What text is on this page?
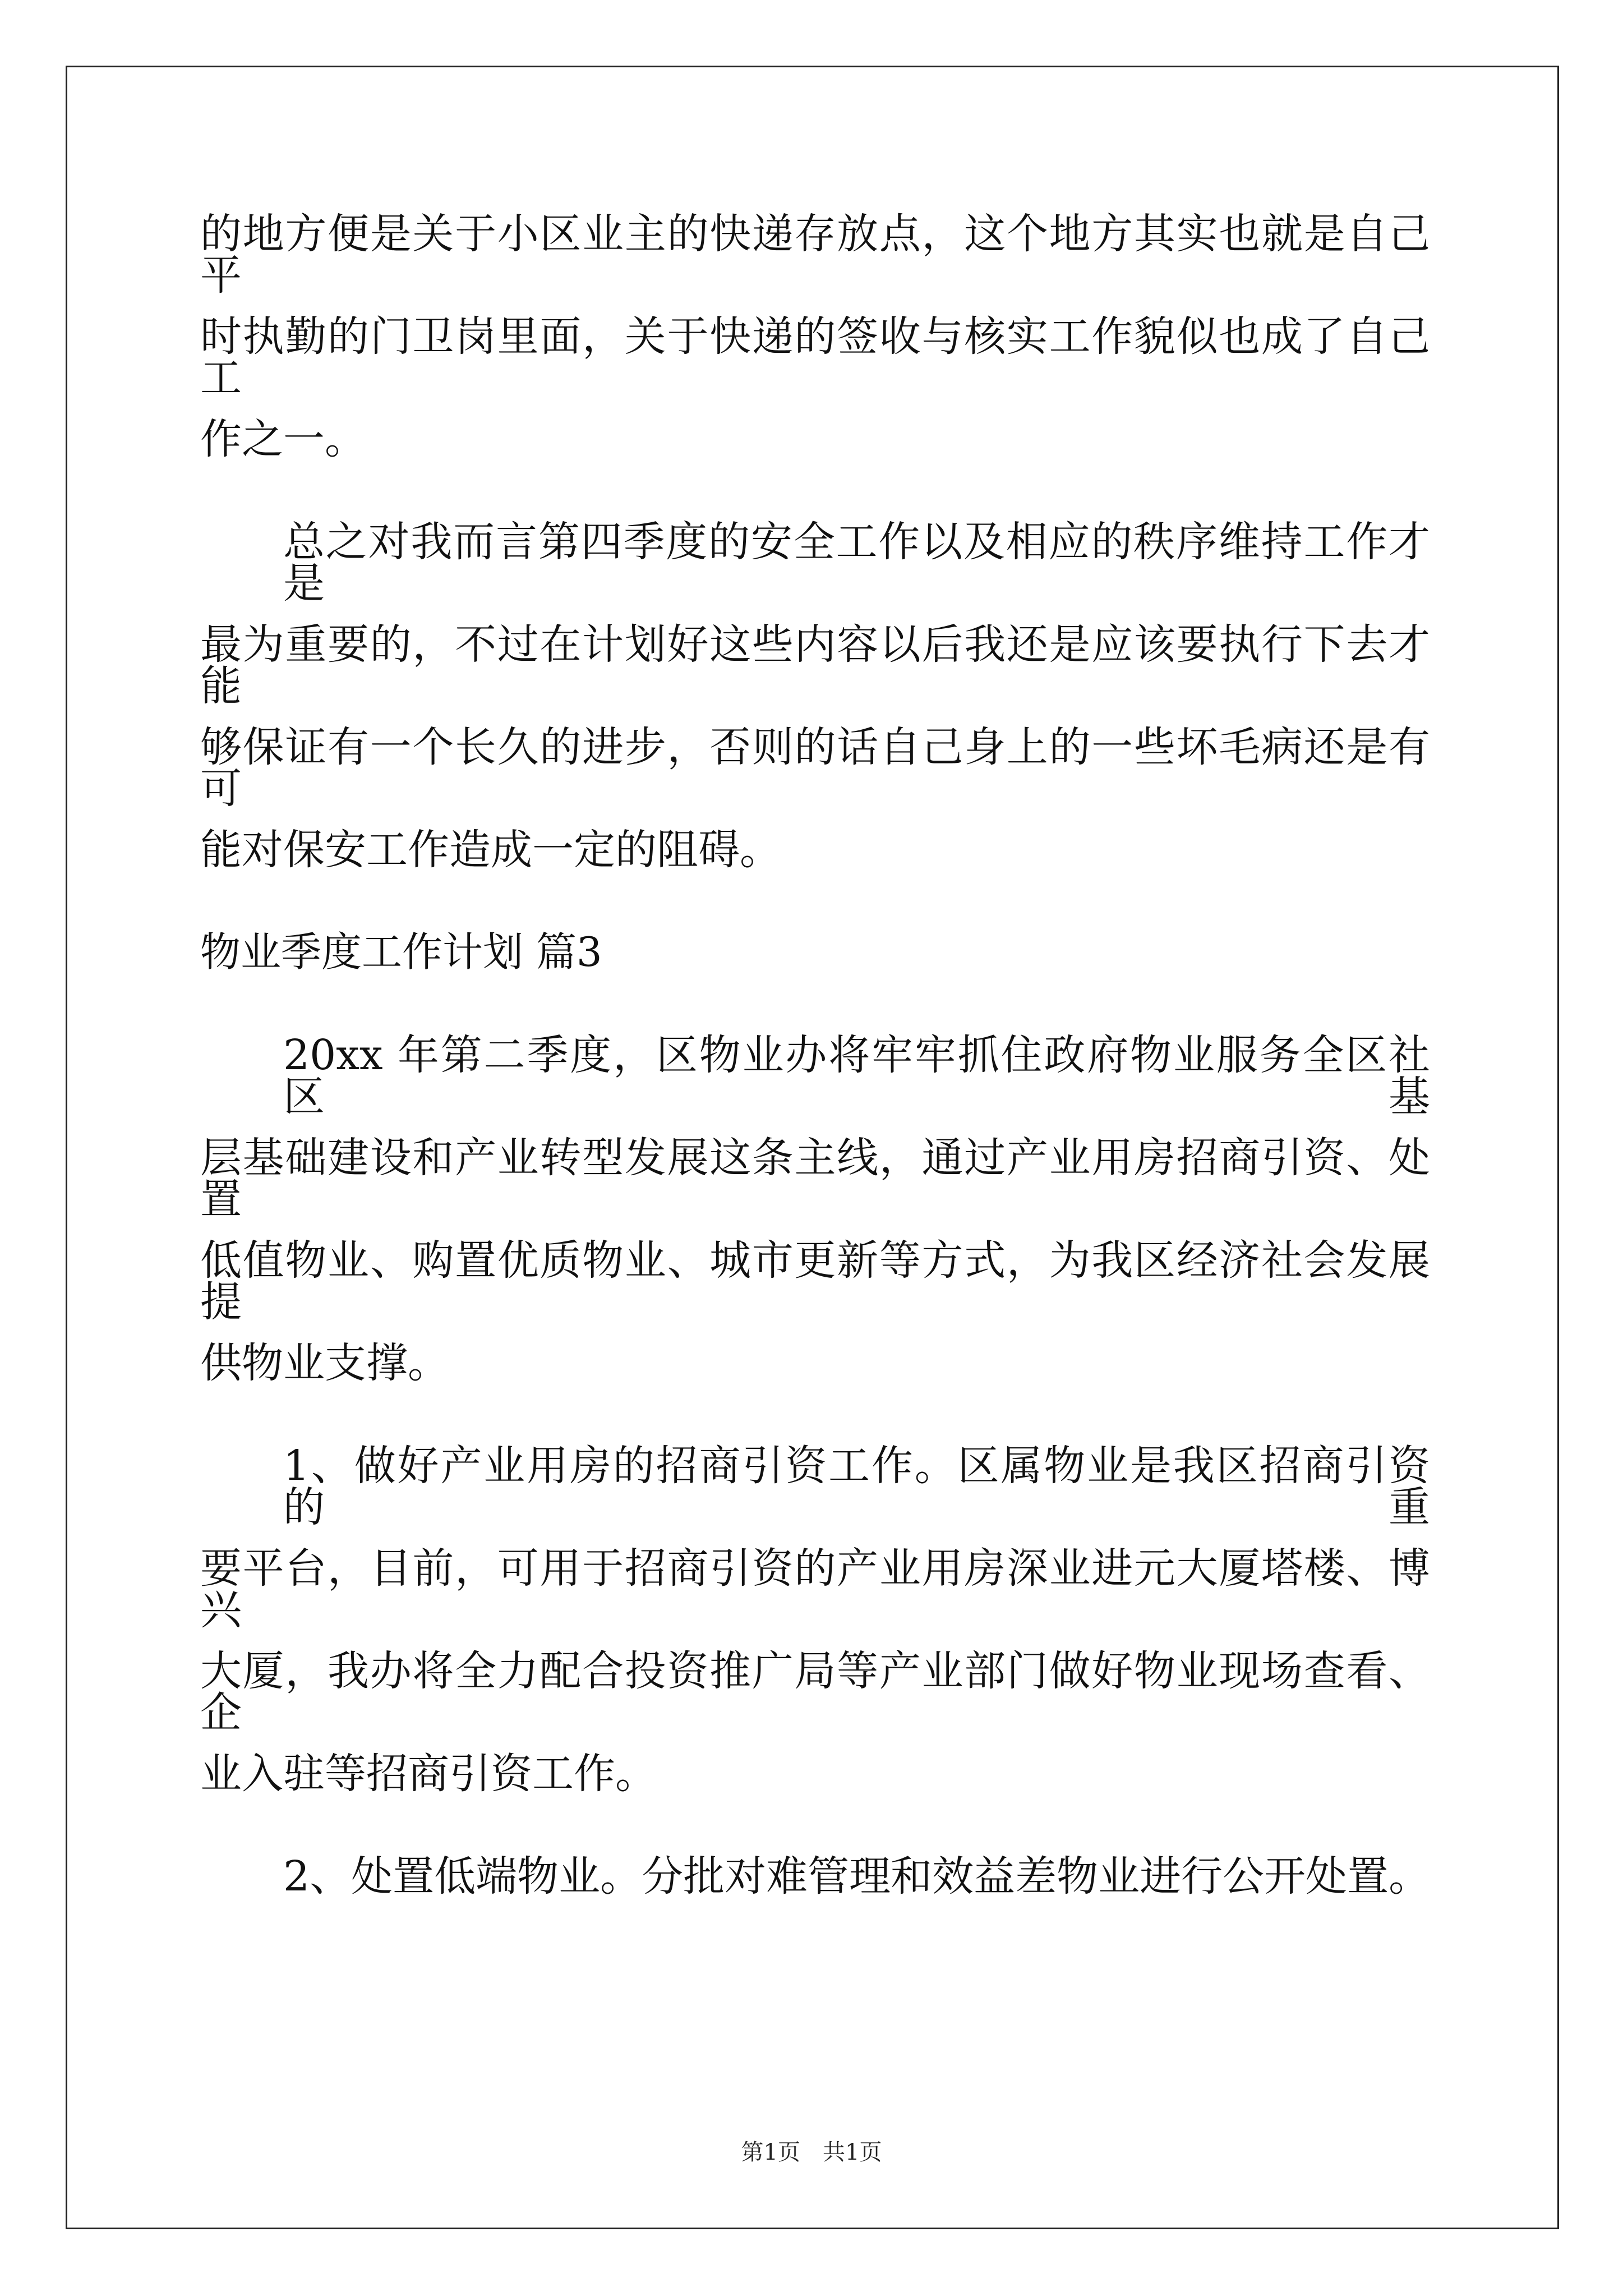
的地方便是关于小区业主的快递存放点，这个地方其实也就是自己平
时执勤的门卫岗里面，关于快递的签收与核实工作貌似也成了自己工
作之一。
总之对我而言第四季度的安全工作以及相应的秩序维持工作才是
最为重要的，不过在计划好这些内容以后我还是应该要执行下去才能
够保证有一个长久的进步，否则的话自己身上的一些坏毛病还是有可
能对保安工作造成一定的阻碍。
物业季度工作计划 篇3
20xx 年第二季度，区物业办将牢牢抓住政府物业服务全区社区基
层基础建设和产业转型发展这条主线，通过产业用房招商引资、处置
低值物业、购置优质物业、城市更新等方式，为我区经济社会发展提
供物业支撑。
1、做好产业用房的招商引资工作。区属物业是我区招商引资的重
要平台，目前，可用于招商引资的产业用房深业进元大厦塔楼、博兴
大厦，我办将全力配合投资推广局等产业部门做好物业现场查看、企
业入驻等招商引资工作。
2、处置低端物业。分批对难管理和效益差物业进行公开处置。
第1页　共1页
